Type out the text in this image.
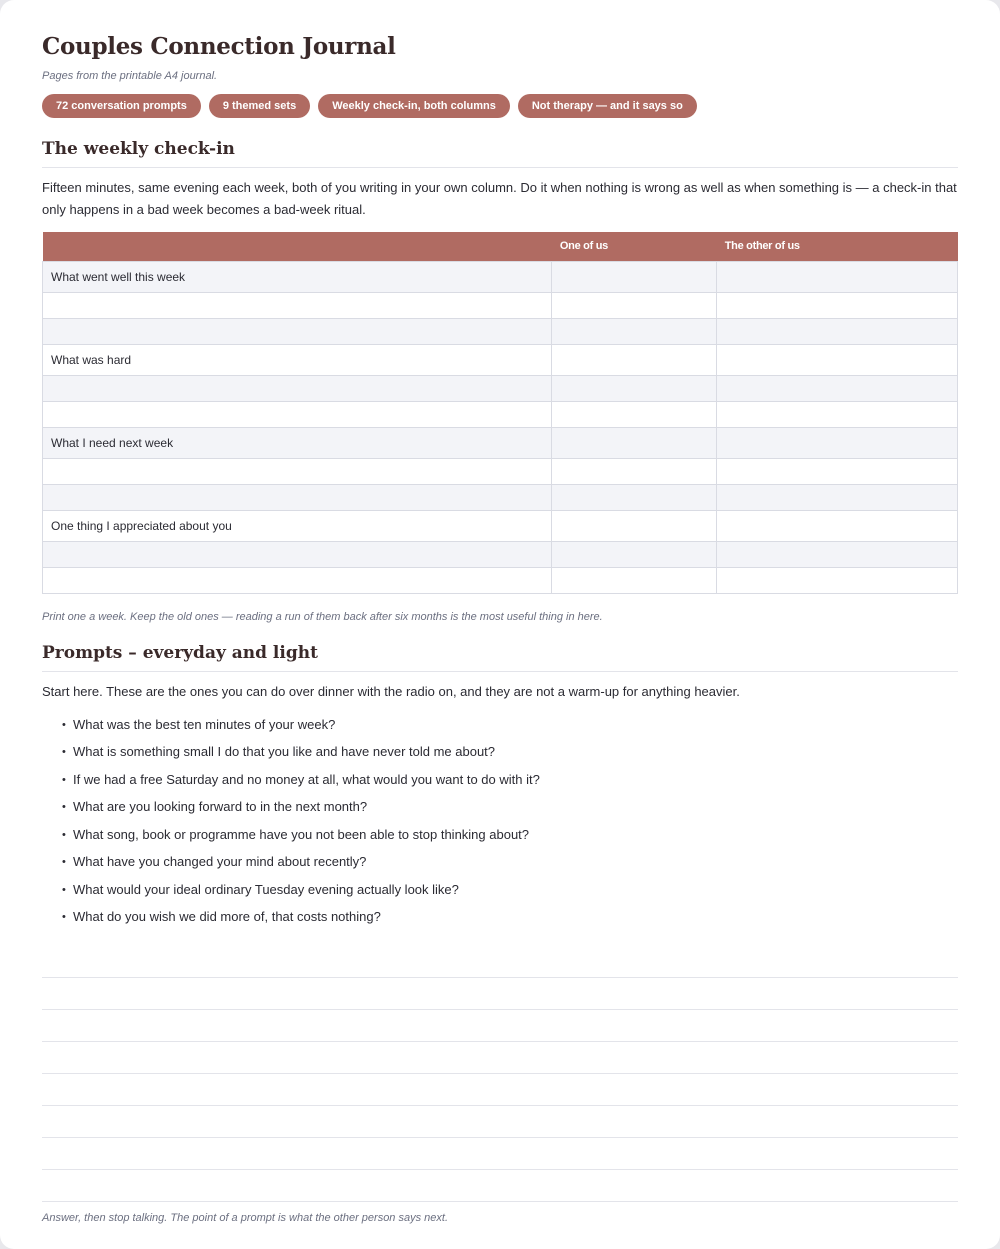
Couples Connection Journal
Pages from the printable A4 journal.
72 conversation prompts	9 themed sets	Weekly check-in, both columns	Not therapy — and it says so
The weekly check-in

Fifteen minutes, same evening each week, both of you writing in your own column. Do it when nothing is wrong as well as when something is — a check-in that only happens in a bad week becomes a bad-week ritual.

	One of us	The other of us
What went well this week		

What was hard		

What I need next week		

One thing I appreciated about you		

Print one a week. Keep the old ones — reading a run of them back after six months is the most useful thing in here.
Prompts – everyday and light

Start here. These are the ones you can do over dinner with the radio on, and they are not a warm-up for anything heavier.

• What was the best ten minutes of your week?
• What is something small I do that you like and have never told me about?
• If we had a free Saturday and no money at all, what would you want to do with it?
• What are you looking forward to in the next month?
• What song, book or programme have you not been able to stop thinking about?
• What have you changed your mind about recently?
• What would your ideal ordinary Tuesday evening actually look like?
• What do you wish we did more of, that costs nothing?
Answer, then stop talking. The point of a prompt is what the other person says next.
